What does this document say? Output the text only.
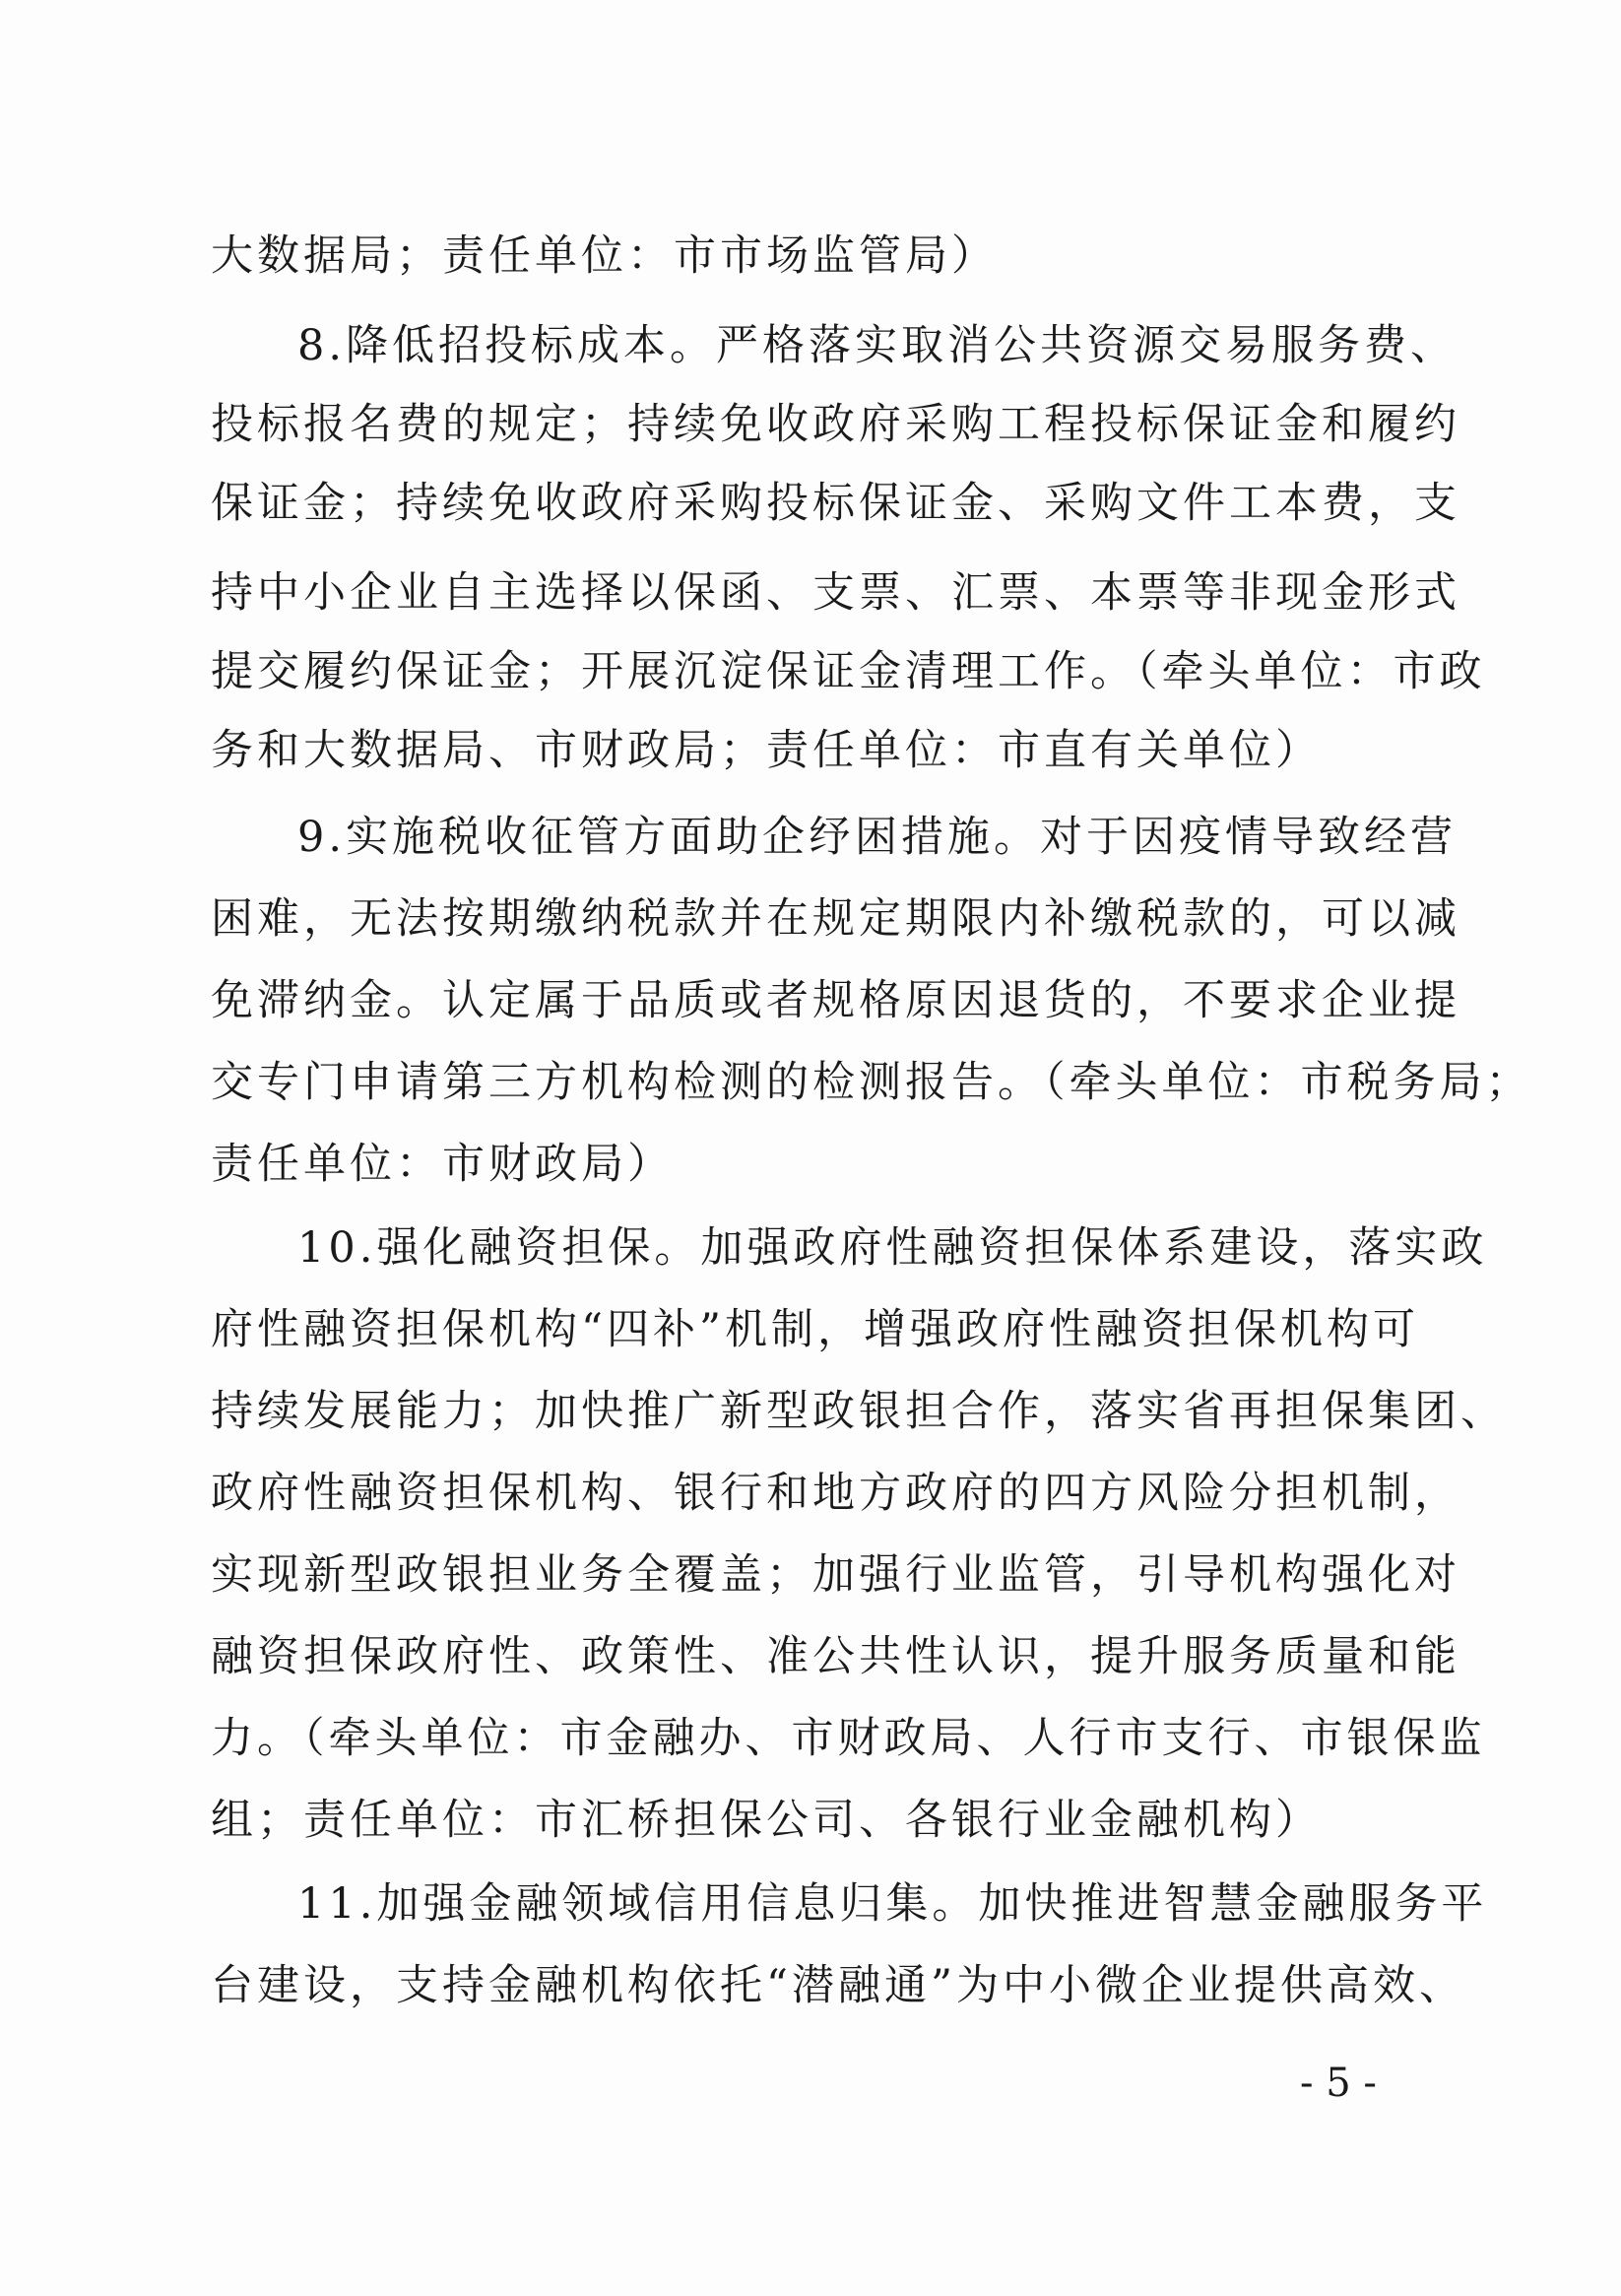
大数据局；责任单位：市市场监管局）
8.降低招投标成本。严格落实取消公共资源交易服务费、
投标报名费的规定；持续免收政府采购工程投标保证金和履约
保证金；持续免收政府采购投标保证金、采购文件工本费，支
持中小企业自主选择以保函、支票、汇票、本票等非现金形式
提交履约保证金；开展沉淀保证金清理工作。（牵头单位：市政
务和大数据局、市财政局；责任单位：市直有关单位）
9.实施税收征管方面助企纾困措施。对于因疫情导致经营
困难，无法按期缴纳税款并在规定期限内补缴税款的，可以减
免滞纳金。认定属于品质或者规格原因退货的，不要求企业提
交专门申请第三方机构检测的检测报告。（牵头单位：市税务局；
责任单位：市财政局）
10.强化融资担保。加强政府性融资担保体系建设，落实政
府性融资担保机构“四补”机制，增强政府性融资担保机构可
持续发展能力；加快推广新型政银担合作，落实省再担保集团、
政府性融资担保机构、银行和地方政府的四方风险分担机制，
实现新型政银担业务全覆盖；加强行业监管，引导机构强化对
融资担保政府性、政策性、准公共性认识，提升服务质量和能
力。（牵头单位：市金融办、市财政局、人行市支行、市银保监
组；责任单位：市汇桥担保公司、各银行业金融机构）
11.加强金融领域信用信息归集。加快推进智慧金融服务平
台建设，支持金融机构依托“潜融通”为中小微企业提供高效、
- 5 -
